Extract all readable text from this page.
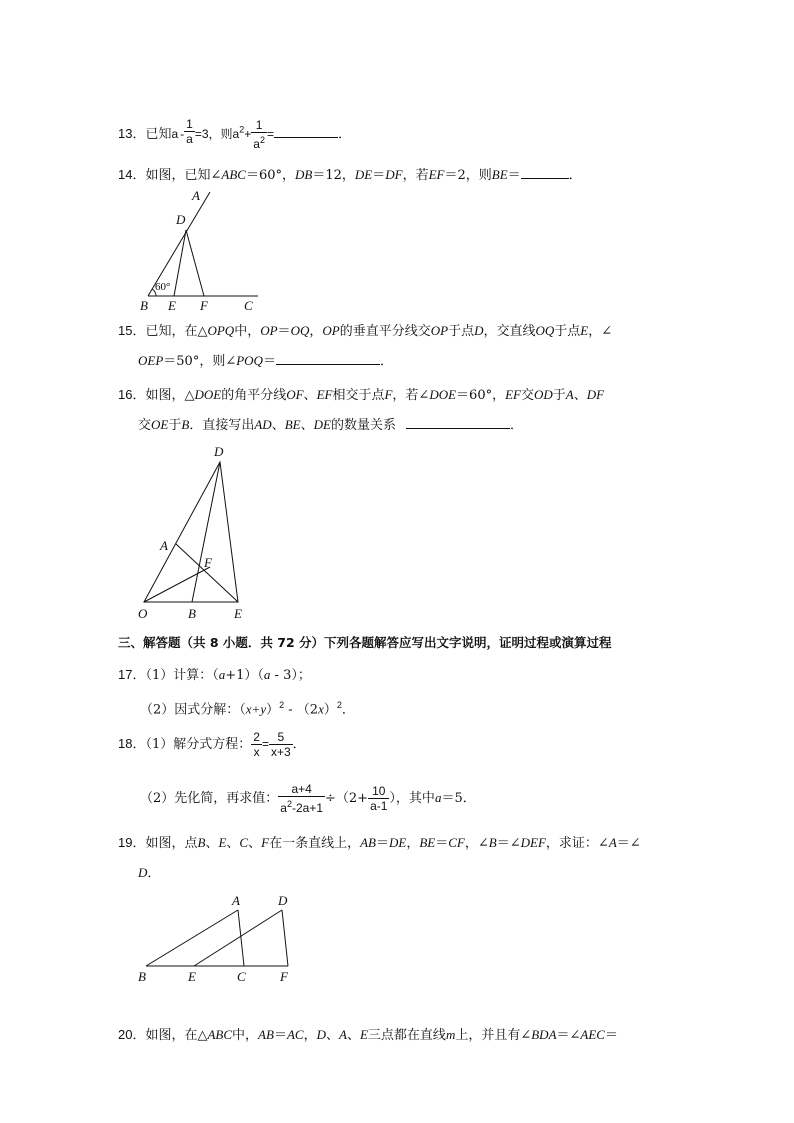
13．已知$a - \frac{1}{a} =3$，则$a^2+ \frac{1}{a^2}$ =	．
14．如图，已知∠ABC＝60°，DB＝12，DE＝DF，若EF＝2，则BE＝	．
A
D
B E F	C
60°
15．已知，在△OPQ中，OP＝OQ，OP的垂直平分线交OP于点D，交直线OQ于点E，∠
OEP＝50°，则∠POQ＝	．
16．如图，△DOE的角平分线OF、EF相交于点F，若∠DOE＝60°，EF交OD于A、DF
交OE于B．直接写出AD、BE、DE的数量关系	．
D
A
F
O	B	E
三、解答题（共 8 小题．共 72 分）下列各题解答应写出文字说明，证明过程或演算过程
17．（1）计算：（a+1）（a - 3）；
（2）因式分解：$(x+y)^2 - (2x)^2$．
18．（1）解分式方程： $\frac{2}{x} = \frac{5}{x+3}$ ．
（2）先化简，再求值： $\frac{a+4}{a^2-2a+1} \div(2+ \frac{10}{a-1}$ ），其中a＝5．
19．如图，点B、E、C、F在一条直线上，AB＝DE，BE＝CF，∠B＝∠DEF，求证：∠A＝∠
D．
A	D
B	E	C	F
20．如图，在△ABC中，AB＝AC，D、A、E三点都在直线m上，并且有∠BDA＝∠AEC＝
